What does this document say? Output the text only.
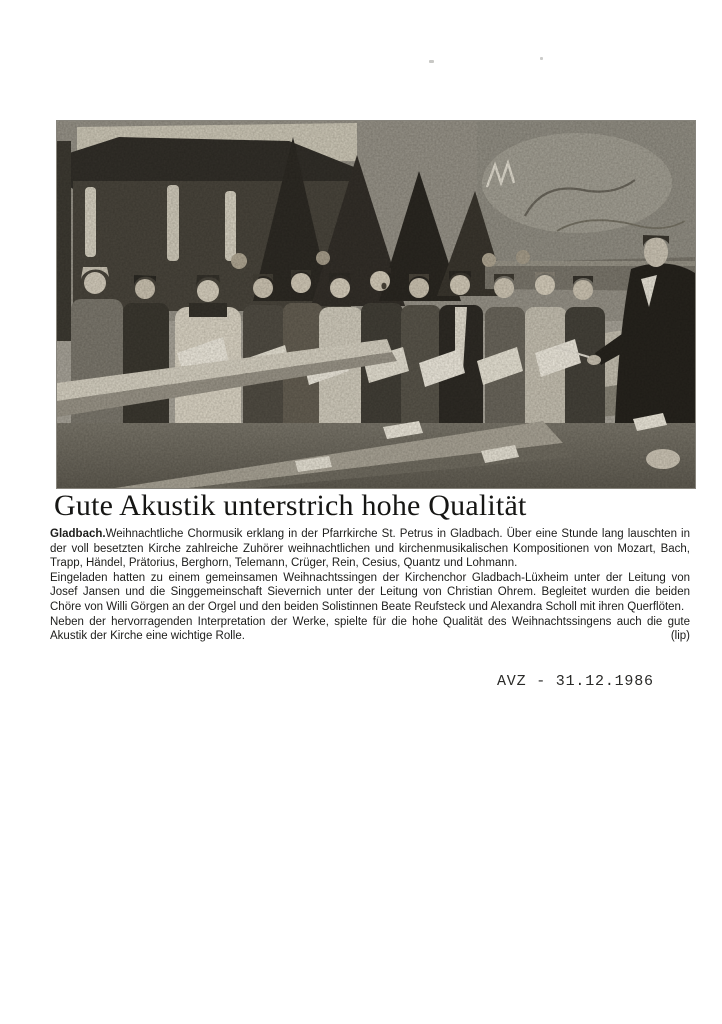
Gute Akustik unterstrich hohe Qualität

Gladbach.Weihnachtliche Chormusik erklang in der Pfarrkirche St. Petrus in Gladbach. Über eine Stunde lang lauschten in der voll besetzten Kirche zahlreiche Zuhörer weihnachtlichen und kirchenmusikalischen Kompositionen von Mozart, Bach, Trapp, Händel, Prätorius, Berghorn, Telemann, Crüger, Rein, Cesius, Quantz und Lohmann.

Eingeladen hatten zu einem gemeinsamen Weihnachtssingen der Kirchenchor Gladbach-Lüxheim unter der Leitung von Josef Jansen und die Singgemeinschaft Sievernich unter der Leitung von Christian Ohrem. Begleitet wurden die beiden Chöre von Willi Görgen an der Orgel und den beiden Solistinnen Beate Reufsteck und Alexandra Scholl mit ihren Querflöten.

Neben der hervorragenden Interpretation der Werke, spielte für die hohe Qualität des Weihnachtssingens auch die gute Akustik der Kirche eine wichtige Rolle.	(lip)

AVZ - 31.12.1986
